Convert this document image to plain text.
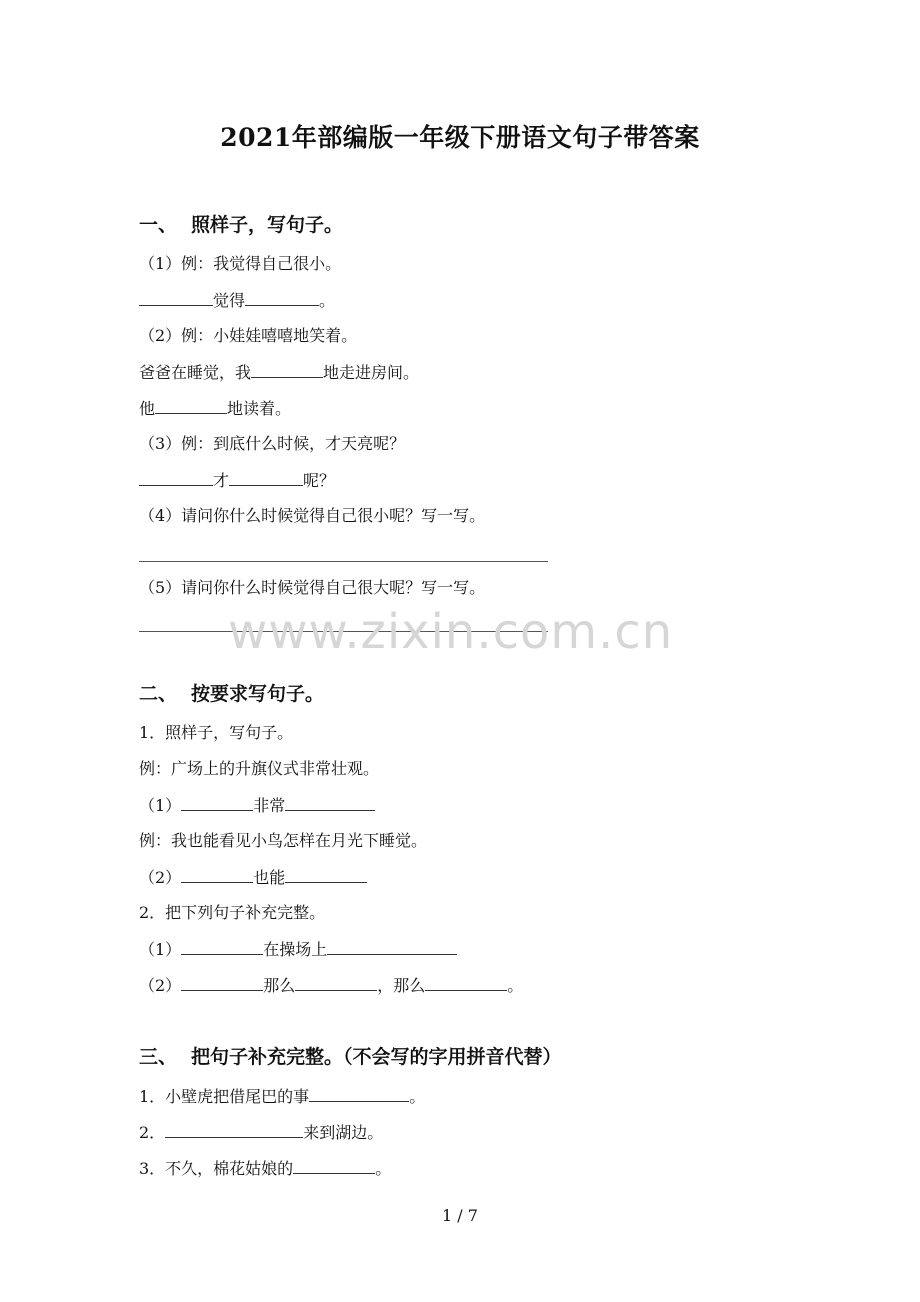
2021年部编版一年级下册语文句子带答案
一、 照样子，写句子。
（1）例：我觉得自己很小。
觉得	。
（2）例：小娃娃嘻嘻地笑着。
爸爸在睡觉，我	地走进房间。
他	地读着。
（3）例：到底什么时候，才天亮呢？
才	呢？
（4）请问你什么时候觉得自己很小呢？写一写。
（5）请问你什么时候觉得自己很大呢？写一写。
www.zixin.com.cn
二、 按要求写句子。
1．照样子，写句子。
例：广场上的升旗仪式非常壮观。
（1）	非常
例：我也能看见小鸟怎样在月光下睡觉。
（2）	也能
2．把下列句子补充完整。
（1）	在操场上
（2）	那么	，那么	。
三、 把句子补充完整。（不会写的字用拼音代替）
1．小壁虎把借尾巴的事	。
2．	来到湖边。
3．不久，棉花姑娘的	。
1 / 7
